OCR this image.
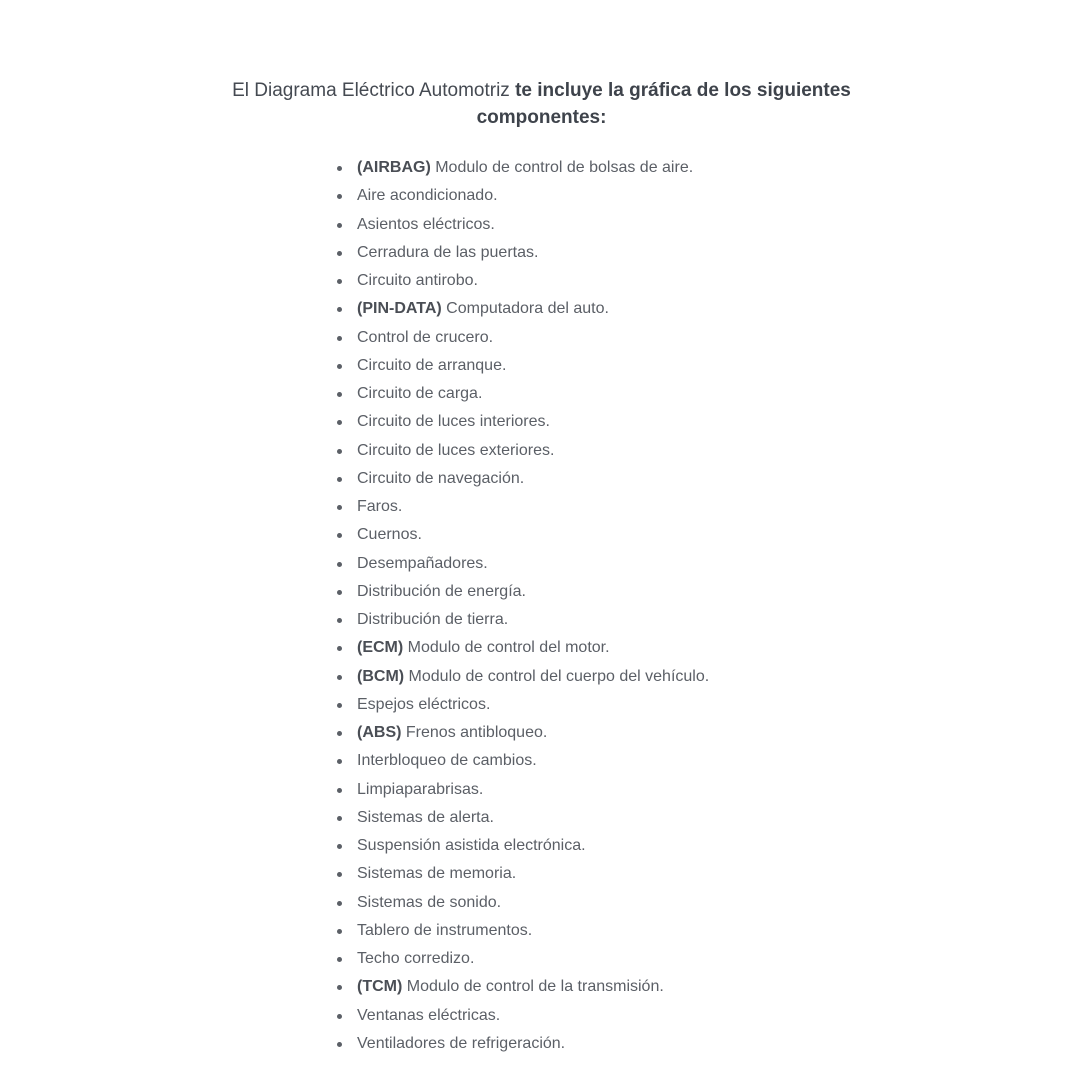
El Diagrama Eléctrico Automotriz te incluye la gráfica de los siguientes componentes:

(AIRBAG) Modulo de control de bolsas de aire.
Aire acondicionado.
Asientos eléctricos.
Cerradura de las puertas.
Circuito antirobo.
(PIN-DATA) Computadora del auto.
Control de crucero.
Circuito de arranque.
Circuito de carga.
Circuito de luces interiores.
Circuito de luces exteriores.
Circuito de navegación.
Faros.
Cuernos.
Desempañadores.
Distribución de energía.
Distribución de tierra.
(ECM) Modulo de control del motor.
(BCM) Modulo de control del cuerpo del vehículo.
Espejos eléctricos.
(ABS) Frenos antibloqueo.
Interbloqueo de cambios.
Limpiaparabrisas.
Sistemas de alerta.
Suspensión asistida electrónica.
Sistemas de memoria.
Sistemas de sonido.
Tablero de instrumentos.
Techo corredizo.
(TCM) Modulo de control de la transmisión.
Ventanas eléctricas.
Ventiladores de refrigeración.
